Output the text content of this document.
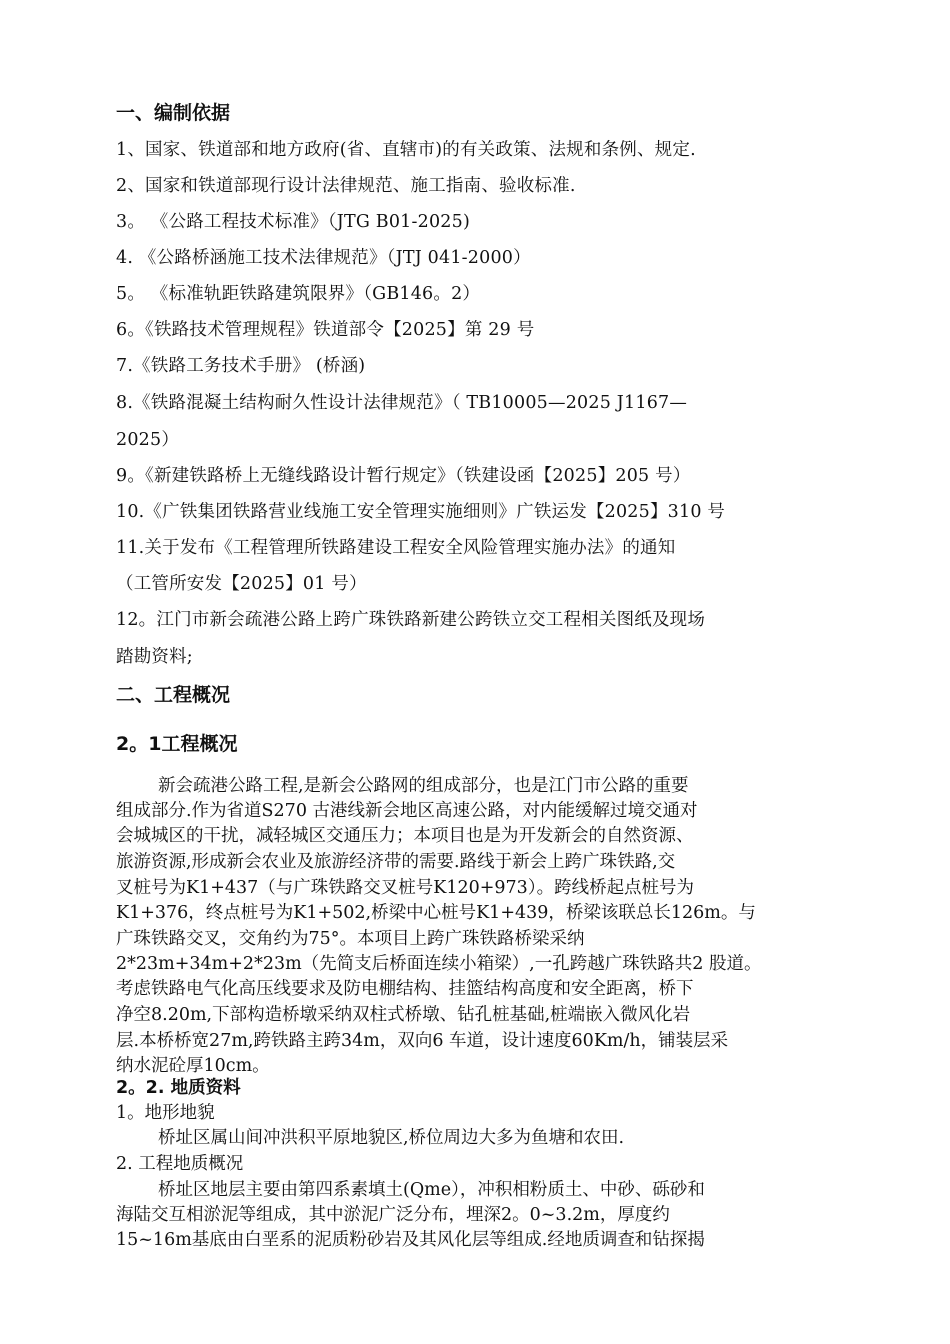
一、编制依据
1、国家、铁道部和地方政府(省、直辖市)的有关政策、法规和条例、规定.
2、国家和铁道部现行设计法律规范、施工指南、验收标准.
3。 《公路工程技术标准》（JTG B01-2025)
4. 《公路桥涵施工技术法律规范》（JTJ 041-2000）
5。 《标准轨距铁路建筑限界》（GB146。2）
6。《铁路技术管理规程》铁道部令【2025】第 29 号
7.《铁路工务技术手册》 (桥涵)
8.《铁路混凝土结构耐久性设计法律规范》（ TB10005—2025 J1167—
2025）
9。《新建铁路桥上无缝线路设计暂行规定》（铁建设函【2025】205 号）
10.《广铁集团铁路营业线施工安全管理实施细则》广铁运发【2025】310 号
11.关于发布《工程管理所铁路建设工程安全风险管理实施办法》的通知
（工管所安发【2025】01 号）
12。江门市新会疏港公路上跨广珠铁路新建公跨铁立交工程相关图纸及现场
踏勘资料;
二、工程概况
2。1工程概况
新会疏港公路工程,是新会公路网的组成部分，也是江门市公路的重要
组成部分.作为省道S270 古港线新会地区高速公路，对内能缓解过境交通对
会城城区的干扰，减轻城区交通压力；本项目也是为开发新会的自然资源、
旅游资源,形成新会农业及旅游经济带的需要.路线于新会上跨广珠铁路,交
叉桩号为K1+437（与广珠铁路交叉桩号K120+973）。跨线桥起点桩号为
K1+376，终点桩号为K1+502,桥梁中心桩号K1+439，桥梁该联总长126m。与
广珠铁路交叉，交角约为75°。本项目上跨广珠铁路桥梁采纳
2*23m+34m+2*23m（先简支后桥面连续小箱梁）,一孔跨越广珠铁路共2 股道。
考虑铁路电气化高压线要求及防电棚结构、挂篮结构高度和安全距离，桥下
净空8.20m,下部构造桥墩采纳双柱式桥墩、钻孔桩基础,桩端嵌入微风化岩
层.本桥桥宽27m,跨铁路主跨34m，双向6 车道，设计速度60Km/h，铺装层采
纳水泥砼厚10cm。
2。2. 地质资料
1。地形地貌
桥址区属山间冲洪积平原地貌区,桥位周边大多为鱼塘和农田.
2. 工程地质概况
桥址区地层主要由第四系素填土(Qme），冲积相粉质土、中砂、砾砂和
海陆交互相淤泥等组成，其中淤泥广泛分布，埋深2。0~3.2m，厚度约
15~16m基底由白垩系的泥质粉砂岩及其风化层等组成.经地质调查和钻探揭
